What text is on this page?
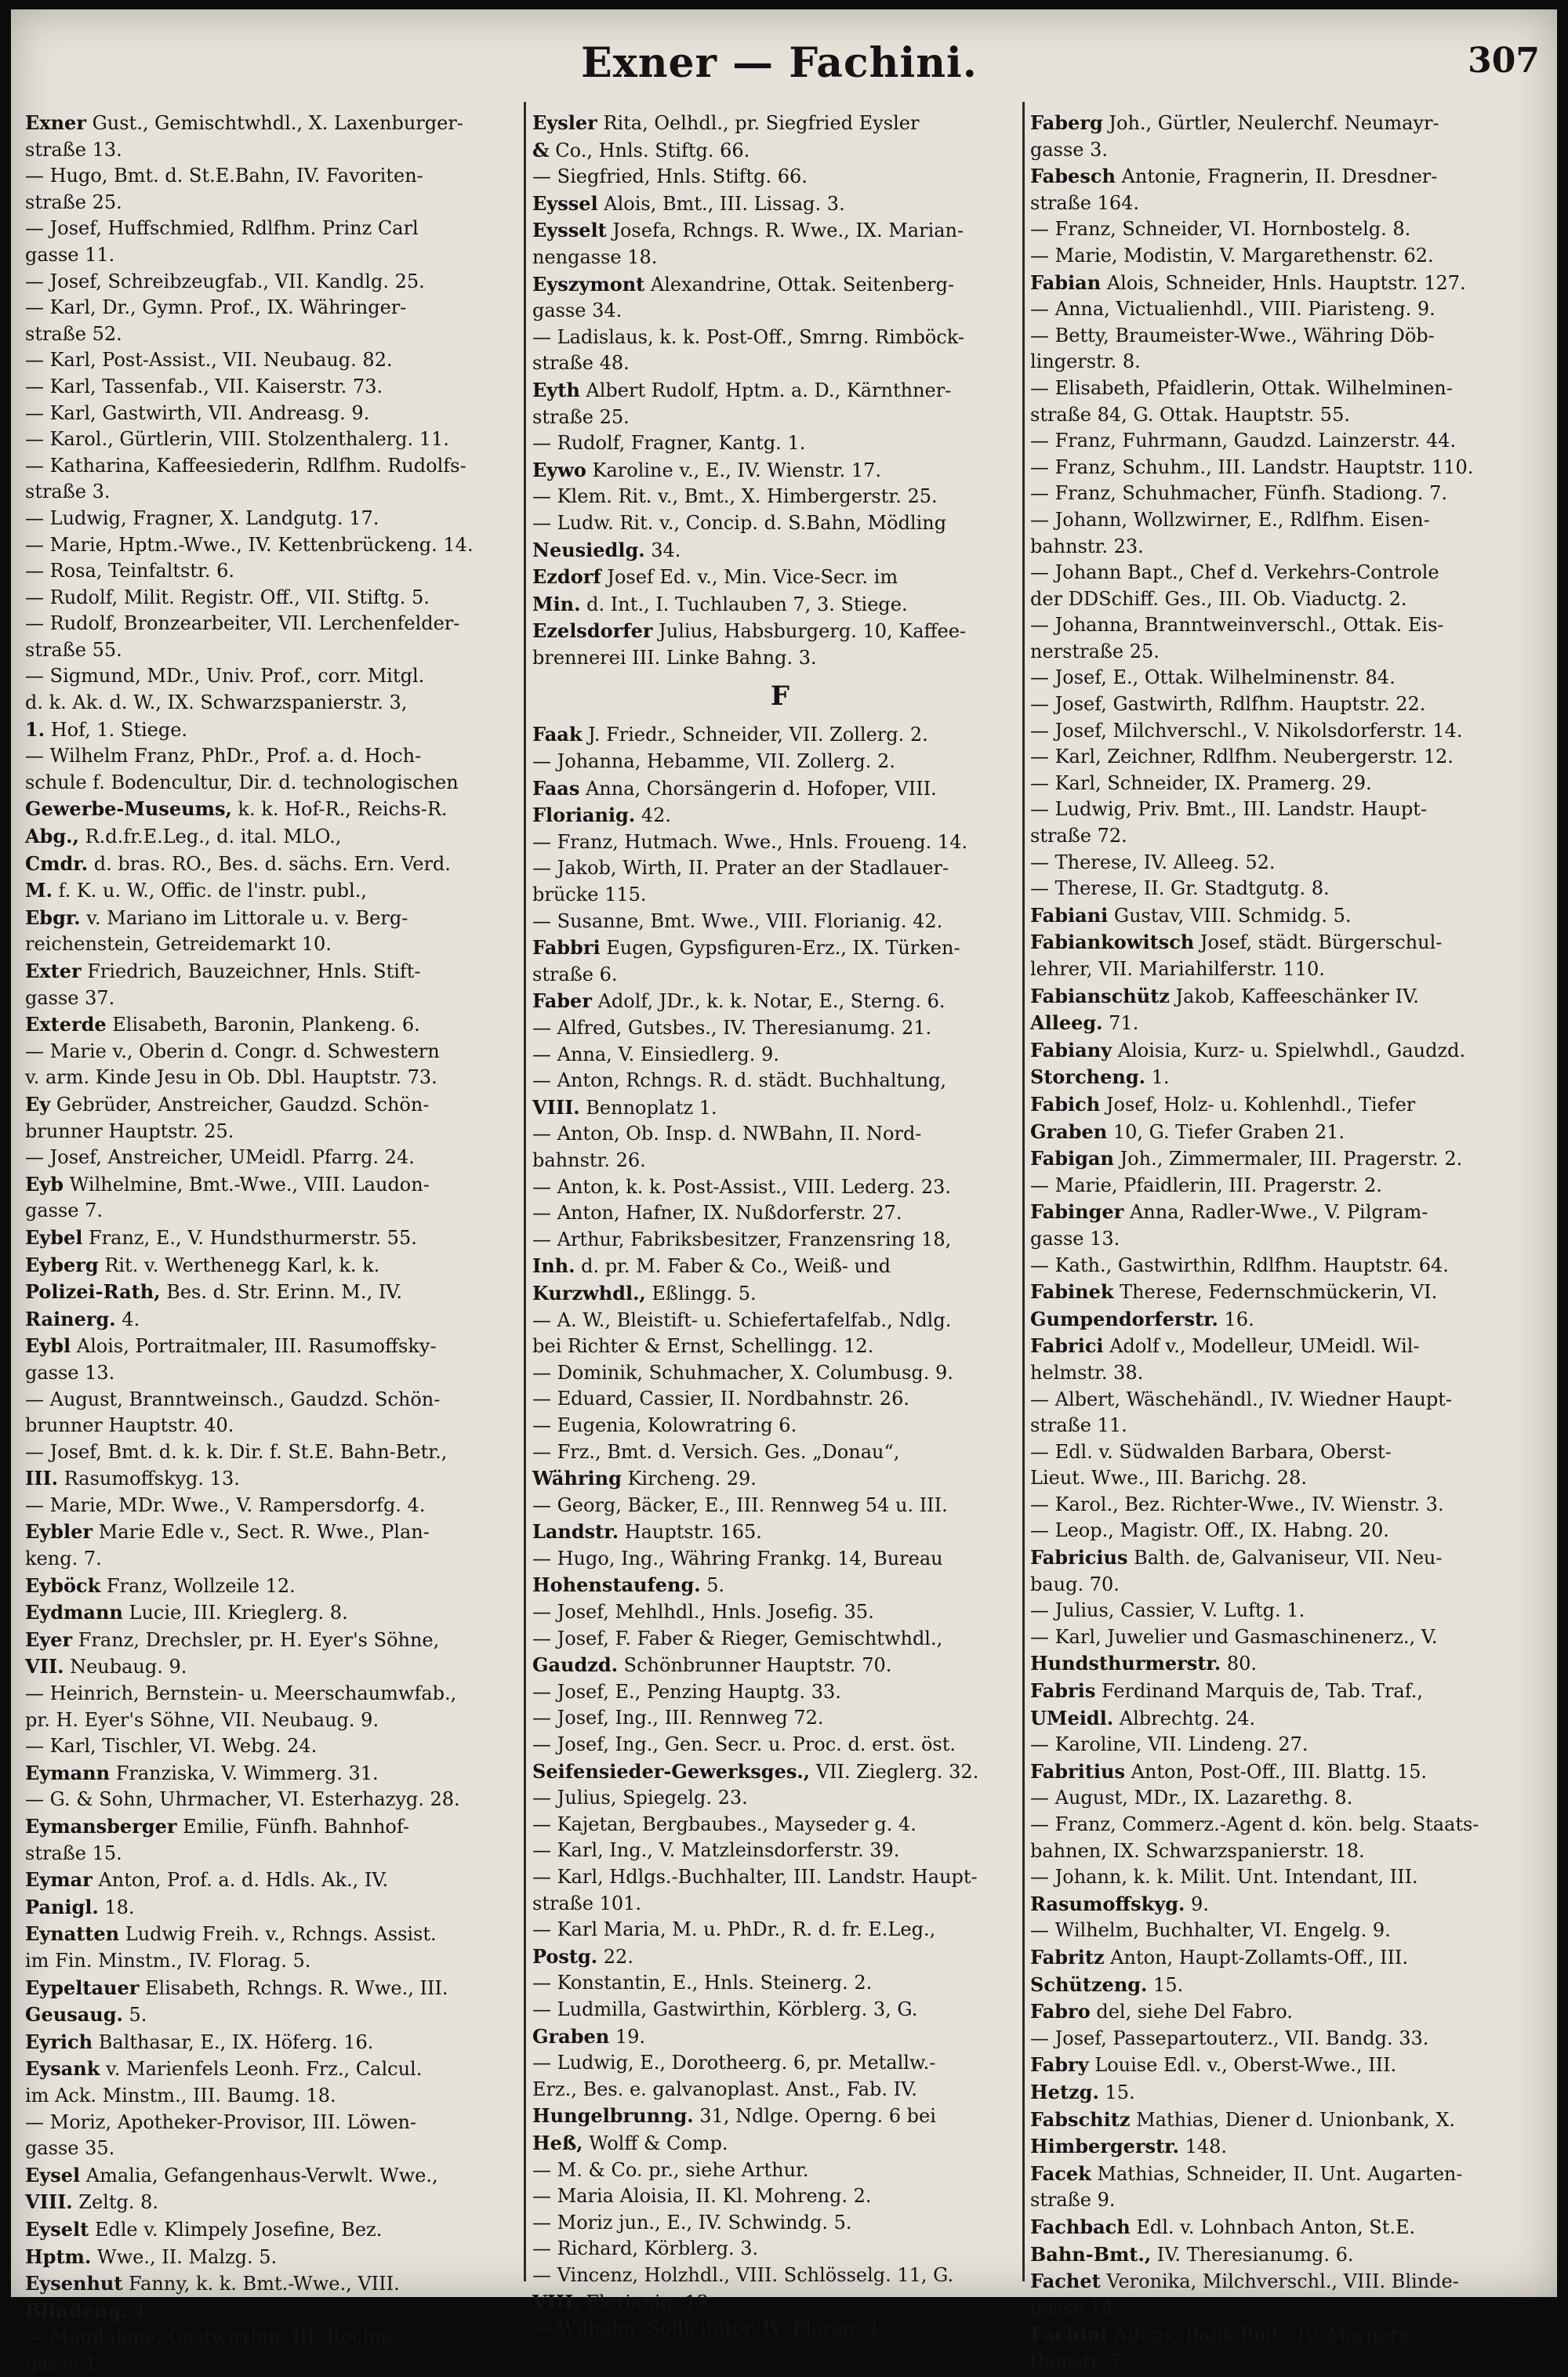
Exner — Fachini.	307
Exner Gust., Gemischtwhdl., X. Laxenburger-
straße 13.
— Hugo, Bmt. d. St.E.Bahn, IV. Favoriten-
straße 25.
— Josef, Huffschmied, Rdlfhm. Prinz Carl
gasse 11.
— Josef, Schreibzeugfab., VII. Kandlg. 25.
— Karl, Dr., Gymn. Prof., IX. Währinger-
straße 52.
— Karl, Post-Assist., VII. Neubaug. 82.
— Karl, Tassenfab., VII. Kaiserstr. 73.
— Karl, Gastwirth, VII. Andreasg. 9.
— Karol., Gürtlerin, VIII. Stolzenthalerg. 11.
— Katharina, Kaffeesiederin, Rdlfhm. Rudolfs-
straße 3.
— Ludwig, Fragner, X. Landgutg. 17.
— Marie, Hptm.-Wwe., IV. Kettenbrückeng. 14.
— Rosa, Teinfaltstr. 6.
— Rudolf, Milit. Registr. Off., VII. Stiftg. 5.
— Rudolf, Bronzearbeiter, VII. Lerchenfelder-
straße 55.
— Sigmund, MDr., Univ. Prof., corr. Mitgl.
d. k. Ak. d. W., IX. Schwarzspanierstr. 3,
1. Hof, 1. Stiege.
— Wilhelm Franz, PhDr., Prof. a. d. Hoch-
schule f. Bodencultur, Dir. d. technologischen
Gewerbe-Museums, k. k. Hof-R., Reichs-R.
Abg., R.d.fr.E.Leg., d. ital. MLO.,
Cmdr. d. bras. RO., Bes. d. sächs. Ern. Verd.
M. f. K. u. W., Offic. de l'instr. publ.,
Ebgr. v. Mariano im Littorale u. v. Berg-
reichenstein, Getreidemarkt 10.
Exter Friedrich, Bauzeichner, Hnls. Stift-
gasse 37.
Exterde Elisabeth, Baronin, Plankeng. 6.
— Marie v., Oberin d. Congr. d. Schwestern
v. arm. Kinde Jesu in Ob. Dbl. Hauptstr. 73.
Ey Gebrüder, Anstreicher, Gaudzd. Schön-
brunner Hauptstr. 25.
— Josef, Anstreicher, UMeidl. Pfarrg. 24.
Eyb Wilhelmine, Bmt.-Wwe., VIII. Laudon-
gasse 7.
Eybel Franz, E., V. Hundsthurmerstr. 55.
Eyberg Rit. v. Werthenegg Karl, k. k.
Polizei-Rath, Bes. d. Str. Erinn. M., IV.
Rainerg. 4.
Eybl Alois, Portraitmaler, III. Rasumoffsky-
gasse 13.
— August, Branntweinsch., Gaudzd. Schön-
brunner Hauptstr. 40.
— Josef, Bmt. d. k. k. Dir. f. St.E. Bahn-Betr.,
III. Rasumoffskyg. 13.
— Marie, MDr. Wwe., V. Rampersdorfg. 4.
Eybler Marie Edle v., Sect. R. Wwe., Plan-
keng. 7.
Eyböck Franz, Wollzeile 12.
Eydmann Lucie, III. Krieglerg. 8.
Eyer Franz, Drechsler, pr. H. Eyer's Söhne,
VII. Neubaug. 9.
— Heinrich, Bernstein- u. Meerschaumwfab.,
pr. H. Eyer's Söhne, VII. Neubaug. 9.
— Karl, Tischler, VI. Webg. 24.
Eymann Franziska, V. Wimmerg. 31.
— G. & Sohn, Uhrmacher, VI. Esterhazyg. 28.
Eymansberger Emilie, Fünfh. Bahnhof-
straße 15.
Eymar Anton, Prof. a. d. Hdls. Ak., IV.
Panigl. 18.
Eynatten Ludwig Freih. v., Rchngs. Assist.
im Fin. Minstm., IV. Florag. 5.
Eypeltauer Elisabeth, Rchngs. R. Wwe., III.
Geusaug. 5.
Eyrich Balthasar, E., IX. Höferg. 16.
Eysank v. Marienfels Leonh. Frz., Calcul.
im Ack. Minstm., III. Baumg. 18.
— Moriz, Apotheker-Provisor, III. Löwen-
gasse 35.
Eysel Amalia, Gefangenhaus-Verwlt. Wwe.,
VIII. Zeltg. 8.
Eyselt Edle v. Klimpely Josefine, Bez.
Hptm. Wwe., II. Malzg. 5.
Eysenhut Fanny, k. k. Bmt.-Wwe., VIII.
Blindeng. 4.
— Magdalene, Gastwirthin, III. Rochus-
gasse 1.
Eysler Rita, Oelhdl., pr. Siegfried Eysler
& Co., Hnls. Stiftg. 66.
— Siegfried, Hnls. Stiftg. 66.
Eyssel Alois, Bmt., III. Lissag. 3.
Eysselt Josefa, Rchngs. R. Wwe., IX. Marian-
nengasse 18.
Eyszymont Alexandrine, Ottak. Seitenberg-
gasse 34.
— Ladislaus, k. k. Post-Off., Smrng. Rimböck-
straße 48.
Eyth Albert Rudolf, Hptm. a. D., Kärnthner-
straße 25.
— Rudolf, Fragner, Kantg. 1.
Eywo Karoline v., E., IV. Wienstr. 17.
— Klem. Rit. v., Bmt., X. Himbergerstr. 25.
— Ludw. Rit. v., Concip. d. S.Bahn, Mödling
Neusiedlg. 34.
Ezdorf Josef Ed. v., Min. Vice-Secr. im
Min. d. Int., I. Tuchlauben 7, 3. Stiege.
Ezelsdorfer Julius, Habsburgerg. 10, Kaffee-
brennerei III. Linke Bahng. 3.
F
Faak J. Friedr., Schneider, VII. Zollerg. 2.
— Johanna, Hebamme, VII. Zollerg. 2.
Faas Anna, Chorsängerin d. Hofoper, VIII.
Florianig. 42.
— Franz, Hutmach. Wwe., Hnls. Froueng. 14.
— Jakob, Wirth, II. Prater an der Stadlauer-
brücke 115.
— Susanne, Bmt. Wwe., VIII. Florianig. 42.
Fabbri Eugen, Gypsfiguren-Erz., IX. Türken-
straße 6.
Faber Adolf, JDr., k. k. Notar, E., Sterng. 6.
— Alfred, Gutsbes., IV. Theresianumg. 21.
— Anna, V. Einsiedlerg. 9.
— Anton, Rchngs. R. d. städt. Buchhaltung,
VIII. Bennoplatz 1.
— Anton, Ob. Insp. d. NWBahn, II. Nord-
bahnstr. 26.
— Anton, k. k. Post-Assist., VIII. Lederg. 23.
— Anton, Hafner, IX. Nußdorferstr. 27.
— Arthur, Fabriksbesitzer, Franzensring 18,
Inh. d. pr. M. Faber & Co., Weiß- und
Kurzwhdl., Eßlingg. 5.
— A. W., Bleistift- u. Schiefertafelfab., Ndlg.
bei Richter & Ernst, Schellingg. 12.
— Dominik, Schuhmacher, X. Columbusg. 9.
— Eduard, Cassier, II. Nordbahnstr. 26.
— Eugenia, Kolowratring 6.
— Frz., Bmt. d. Versich. Ges. „Donau“,
Währing Kircheng. 29.
— Georg, Bäcker, E., III. Rennweg 54 u. III.
Landstr. Hauptstr. 165.
— Hugo, Ing., Währing Frankg. 14, Bureau
Hohenstaufeng. 5.
— Josef, Mehlhdl., Hnls. Josefig. 35.
— Josef, F. Faber & Rieger, Gemischtwhdl.,
Gaudzd. Schönbrunner Hauptstr. 70.
— Josef, E., Penzing Hauptg. 33.
— Josef, Ing., III. Rennweg 72.
— Josef, Ing., Gen. Secr. u. Proc. d. erst. öst.
Seifensieder-Gewerksges., VII. Zieglerg. 32.
— Julius, Spiegelg. 23.
— Kajetan, Bergbaubes., Mayseder g. 4.
— Karl, Ing., V. Matzleinsdorferstr. 39.
— Karl, Hdlgs.-Buchhalter, III. Landstr. Haupt-
straße 101.
— Karl Maria, M. u. PhDr., R. d. fr. E.Leg.,
Postg. 22.
— Konstantin, E., Hnls. Steinerg. 2.
— Ludmilla, Gastwirthin, Körblerg. 3, G.
Graben 19.
— Ludwig, E., Dorotheerg. 6, pr. Metallw.-
Erz., Bes. e. galvanoplast. Anst., Fab. IV.
Hungelbrunng. 31, Ndlge. Operng. 6 bei
Heß, Wolff & Comp.
— M. & Co. pr., siehe Arthur.
— Maria Aloisia, II. Kl. Mohreng. 2.
— Moriz jun., E., IV. Schwindg. 5.
— Richard, Körblerg. 3.
— Vincenz, Holzhdl., VIII. Schlösselg. 11, G.
VIII. Florianig. 13.
— Wilhelm, Sollicitator, IV. Florag. 4.
Faberg Joh., Gürtler, Neulerchf. Neumayr-
gasse 3.
Fabesch Antonie, Fragnerin, II. Dresdner-
straße 164.
— Franz, Schneider, VI. Hornbostelg. 8.
— Marie, Modistin, V. Margarethenstr. 62.
Fabian Alois, Schneider, Hnls. Hauptstr. 127.
— Anna, Victualienhdl., VIII. Piaristeng. 9.
— Betty, Braumeister-Wwe., Währing Döb-
lingerstr. 8.
— Elisabeth, Pfaidlerin, Ottak. Wilhelminen-
straße 84, G. Ottak. Hauptstr. 55.
— Franz, Fuhrmann, Gaudzd. Lainzerstr. 44.
— Franz, Schuhm., III. Landstr. Hauptstr. 110.
— Franz, Schuhmacher, Fünfh. Stadiong. 7.
— Johann, Wollzwirner, E., Rdlfhm. Eisen-
bahnstr. 23.
— Johann Bapt., Chef d. Verkehrs-Controle
der DDSchiff. Ges., III. Ob. Viaductg. 2.
— Johanna, Branntweinverschl., Ottak. Eis-
nerstraße 25.
— Josef, E., Ottak. Wilhelminenstr. 84.
— Josef, Gastwirth, Rdlfhm. Hauptstr. 22.
— Josef, Milchverschl., V. Nikolsdorferstr. 14.
— Karl, Zeichner, Rdlfhm. Neubergerstr. 12.
— Karl, Schneider, IX. Pramerg. 29.
— Ludwig, Priv. Bmt., III. Landstr. Haupt-
straße 72.
— Therese, IV. Alleeg. 52.
— Therese, II. Gr. Stadtgutg. 8.
Fabiani Gustav, VIII. Schmidg. 5.
Fabiankowitsch Josef, städt. Bürgerschul-
lehrer, VII. Mariahilferstr. 110.
Fabianschütz Jakob, Kaffeeschänker IV.
Alleeg. 71.
Fabiany Aloisia, Kurz- u. Spielwhdl., Gaudzd.
Storcheng. 1.
Fabich Josef, Holz- u. Kohlenhdl., Tiefer
Graben 10, G. Tiefer Graben 21.
Fabigan Joh., Zimmermaler, III. Pragerstr. 2.
— Marie, Pfaidlerin, III. Pragerstr. 2.
Fabinger Anna, Radler-Wwe., V. Pilgram-
gasse 13.
— Kath., Gastwirthin, Rdlfhm. Hauptstr. 64.
Fabinek Therese, Federnschmückerin, VI.
Gumpendorferstr. 16.
Fabrici Adolf v., Modelleur, UMeidl. Wil-
helmstr. 38.
— Albert, Wäschehändl., IV. Wiedner Haupt-
straße 11.
— Edl. v. Südwalden Barbara, Oberst-
Lieut. Wwe., III. Barichg. 28.
— Karol., Bez. Richter-Wwe., IV. Wienstr. 3.
— Leop., Magistr. Off., IX. Habng. 20.
Fabricius Balth. de, Galvaniseur, VII. Neu-
baug. 70.
— Julius, Cassier, V. Luftg. 1.
— Karl, Juwelier und Gasmaschinenerz., V.
Hundsthurmerstr. 80.
Fabris Ferdinand Marquis de, Tab. Traf.,
UMeidl. Albrechtg. 24.
— Karoline, VII. Lindeng. 27.
Fabritius Anton, Post-Off., III. Blattg. 15.
— August, MDr., IX. Lazarethg. 8.
— Franz, Commerz.-Agent d. kön. belg. Staats-
bahnen, IX. Schwarzspanierstr. 18.
— Johann, k. k. Milit. Unt. Intendant, III.
Rasumoffskyg. 9.
— Wilhelm, Buchhalter, VI. Engelg. 9.
Fabritz Anton, Haupt-Zollamts-Off., III.
Schützeng. 15.
Fabro del, siehe Del Fabro.
— Josef, Passepartouterz., VII. Bandg. 33.
Fabry Louise Edl. v., Oberst-Wwe., III.
Hetzg. 15.
Fabschitz Mathias, Diener d. Unionbank, X.
Himbergerstr. 148.
Facek Mathias, Schneider, II. Unt. Augarten-
straße 9.
Fachbach Edl. v. Lohnbach Anton, St.E.
Bahn-Bmt., IV. Theresianumg. 6.
Fachet Veronika, Milchverschl., VIII. Blinde-
gasse 14.
Fachini Alfons, Bank-Bmt., IV. Margare-
thenstr. 7.
